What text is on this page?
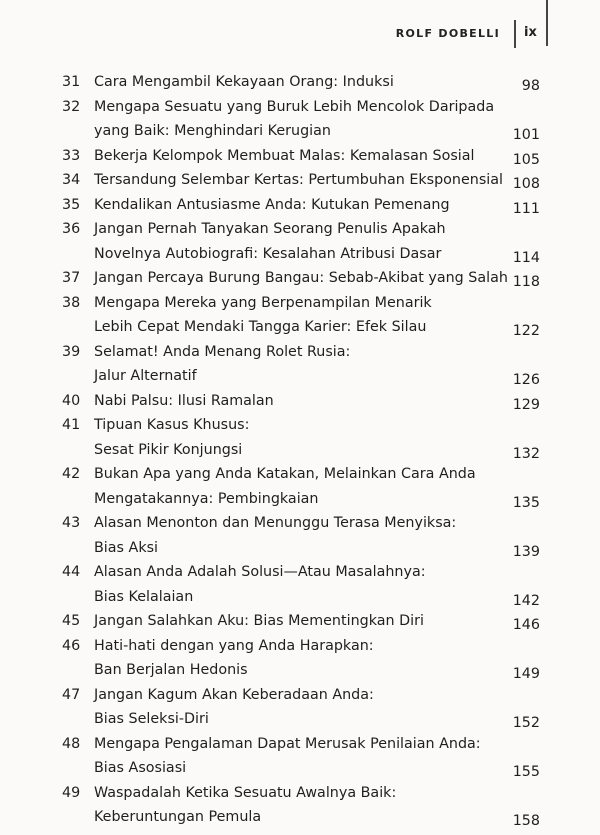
ROLF DOBELLI ix
31 Cara Mengambil Kekayaan Orang: Induksi	98
32 Mengapa Sesuatu yang Buruk Lebih Mencolok Daripada
yang Baik: Menghindari Kerugian	101
33 Bekerja Kelompok Membuat Malas: Kemalasan Sosial	105
34 Tersandung Selembar Kertas: Pertumbuhan Eksponensial 108
35 Kendalikan Antusiasme Anda: Kutukan Pemenang	111
36 Jangan Pernah Tanyakan Seorang Penulis Apakah
Novelnya Autobiografi: Kesalahan Atribusi Dasar	114
37 Jangan Percaya Burung Bangau: Sebab-Akibat yang Salah 118
38 Mengapa Mereka yang Berpenampilan Menarik
Lebih Cepat Mendaki Tangga Karier: Efek Silau	122
39 Selamat! Anda Menang Rolet Rusia:
Jalur Alternatif	126
40 Nabi Palsu: Ilusi Ramalan	129
41 Tipuan Kasus Khusus:
Sesat Pikir Konjungsi	132
42 Bukan Apa yang Anda Katakan, Melainkan Cara Anda
Mengatakannya: Pembingkaian	135
43 Alasan Menonton dan Menunggu Terasa Menyiksa:
Bias Aksi	139
44 Alasan Anda Adalah Solusi—Atau Masalahnya:
Bias Kelalaian	142
45 Jangan Salahkan Aku: Bias Mementingkan Diri	146
46 Hati-hati dengan yang Anda Harapkan:
Ban Berjalan Hedonis	149
47 Jangan Kagum Akan Keberadaan Anda:
Bias Seleksi-Diri	152
48 Mengapa Pengalaman Dapat Merusak Penilaian Anda:
Bias Asosiasi	155
49 Waspadalah Ketika Sesuatu Awalnya Baik:
Keberuntungan Pemula	158
